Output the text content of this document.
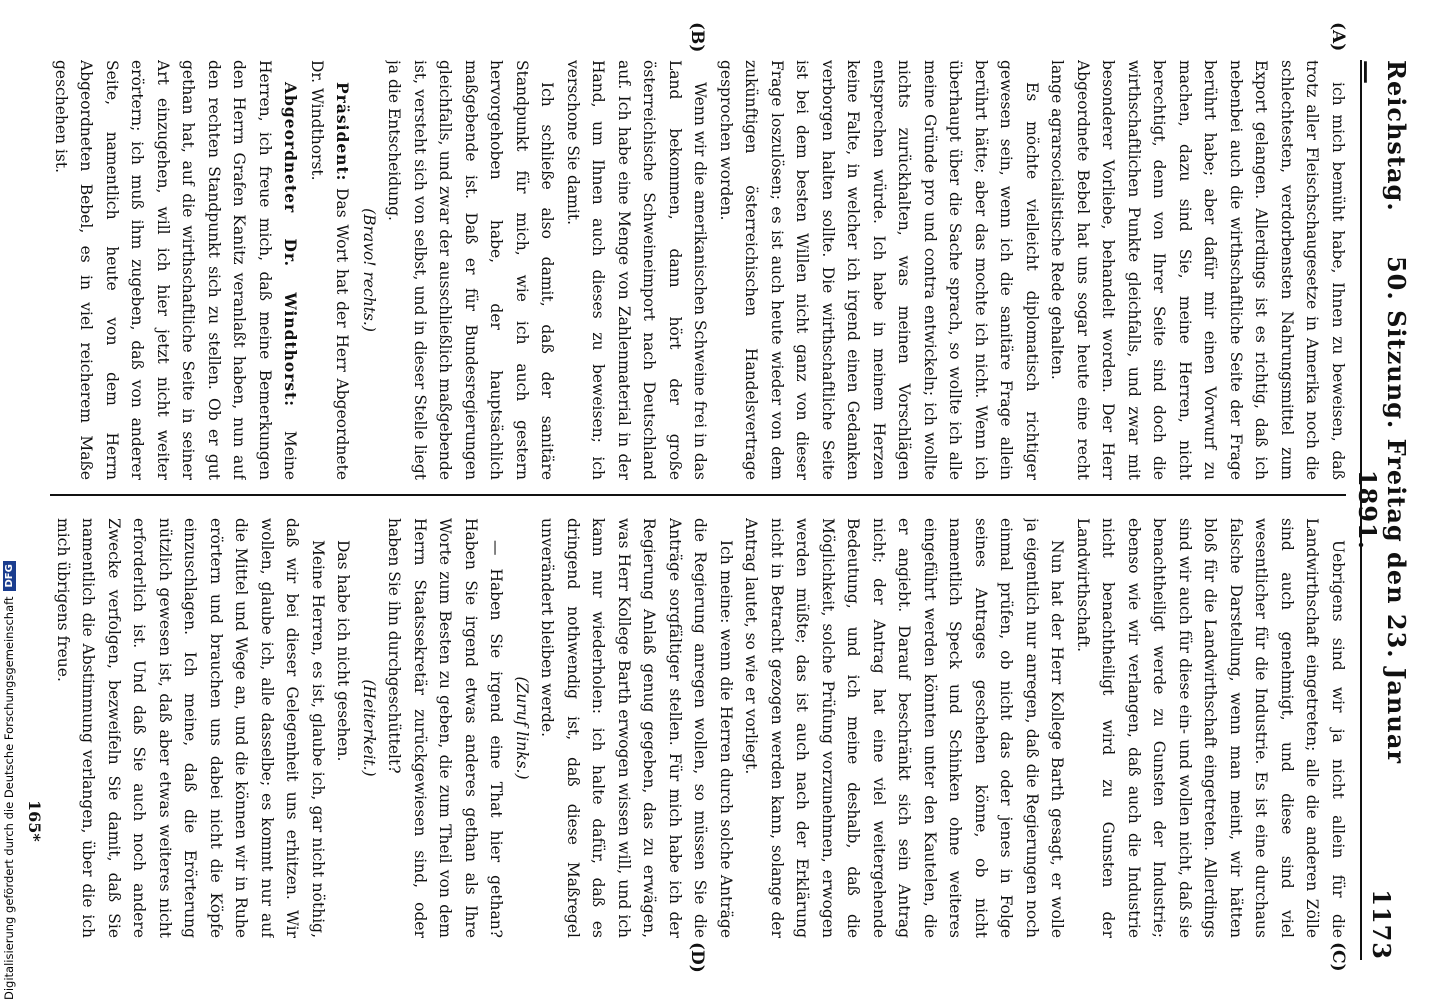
Reichstag. —
50. Sitzung. Freitag den 23. Januar 1891.
1173
(A)
(B)
(C)
(D)

ich mich bemüht habe, Ihnen zu beweisen, daß trotz aller Fleischschaugesetze in Amerika noch die schlechtesten, verdorbensten Nahrungsmittel zum Export gelangen. Allerdings ist es richtig, daß ich nebenbei auch die wirthschaftliche Seite der Frage berührt habe; aber dafür mir einen Vorwurf zu machen, dazu sind Sie, meine Herren, nicht berechtigt, denn von Ihrer Seite sind doch die wirthschaftlichen Punkte gleichfalls, und zwar mit besonderer Vorliebe, behandelt worden. Der Herr Abgeordnete Bebel hat uns sogar heute eine recht lange agrarsocialistische Rede gehalten.

Es möchte vielleicht diplomatisch richtiger gewesen sein, wenn ich die sanitäre Frage allein berührt hätte; aber das mochte ich nicht. Wenn ich überhaupt über die Sache sprach, so wollte ich alle meine Gründe pro und contra entwickeln; ich wollte nichts zurückhalten, was meinen Vorschlägen entsprechen würde. Ich habe in meinem Herzen keine Falte, in welcher ich irgend einen Gedanken verborgen halten sollte. Die wirthschaftliche Seite ist bei dem besten Willen nicht ganz von dieser Frage loszulösen; es ist auch heute wieder von dem zukünftigen österreichischen Handelsvertrage gesprochen worden.

Wenn wir die amerikanischen Schweine frei in das Land bekommen, dann hört der große österreichische Schweineimport nach Deutschland auf. Ich habe eine Menge von Zahlenmaterial in der Hand, um Ihnen auch dieses zu beweisen; ich verschone Sie damit.

Ich schließe also damit, daß der sanitäre Standpunkt für mich, wie ich auch gestern hervorgehoben habe, der hauptsächlich maßgebende ist. Daß er für Bundesregierungen gleichfalls, und zwar der ausschließlich maßgebende ist, versteht sich von selbst, und in dieser Stelle liegt ja die Entscheidung.

(Bravo! rechts.)

Präsident: Das Wort hat der Herr Abgeordnete Dr. Windthorst.

Abgeordneter Dr. Windthorst: Meine Herren, ich freue mich, daß meine Bemerkungen den Herrn Grafen Kanitz veranlaßt haben, nun auf den rechten Standpunkt sich zu stellen. Ob er gut gethan hat, auf die wirthschaftliche Seite in seiner Art einzugehen, will ich hier jetzt nicht weiter erörtern; ich muß ihm zugeben, daß von anderer Seite, namentlich heute von dem Herrn Abgeordneten Bebel, es in viel reicherem Maße geschehen ist.

Uebrigens sind wir ja nicht allein für die Landwirthschaft eingetreten; alle die anderen Zölle sind auch genehmigt, und diese sind viel wesentlicher für die Industrie. Es ist eine durchaus falsche Darstellung, wenn man meint, wir hätten bloß für die Landwirthschaft eingetreten. Allerdings sind wir auch für diese ein- und wollen nicht, daß sie benachtheiligt werde zu Gunsten der Industrie; ebenso wie wir verlangen, daß auch die Industrie nicht benachtheiligt wird zu Gunsten der Landwirthschaft.

Nun hat der Herr Kollege Barth gesagt, er wolle ja eigentlich nur anregen, daß die Regierungen noch einmal prüfen, ob nicht das oder jenes in Folge seines Antrages geschehen könne, ob nicht namentlich Speck und Schinken ohne weiteres eingeführt werden könnten unter den Kautelen, die er angiebt. Darauf beschränkt sich sein Antrag nicht; der Antrag hat eine viel weitergehende Bedeutung, und ich meine deshalb, daß die Möglichkeit, solche Prüfung vorzunehmen, erwogen werden müßte; das ist auch nach der Erklärung nicht in Betracht gezogen werden kann, solange der Antrag lautet, so wie er vorliegt.

Ich meine: wenn die Herren durch solche Anträge die Regierung anregen wollen, so müssen Sie die Anträge sorgfältiger stellen. Für mich habe ich der Regierung Anlaß genug gegeben, das zu erwägen, was Herr Kollege Barth erwogen wissen will, und ich kann nur wiederholen: ich halte dafür, daß es dringend nothwendig ist, daß diese Maßregel unverändert bleiben werde.

(Zuruf links.)

— Haben Sie irgend eine That hier gethan? Haben Sie irgend etwas anderes gethan als Ihre Worte zum Besten zu geben, die zum Theil von dem Herrn Staatssekretär zurückgewiesen sind, oder haben Sie ihn durchgeschüttelt?

(Heiterkeit.)

Das habe ich nicht gesehen.

Meine Herren, es ist, glaube ich, gar nicht nöthig, daß wir bei dieser Gelegenheit uns erhitzen. Wir wollen, glaube ich, alle dasselbe; es kommt nur auf die Mittel und Wege an, und die können wir in Ruhe erörtern und brauchen uns dabei nicht die Köpfe einzuschlagen. Ich meine, daß die Erörterung nützlich gewesen ist, daß aber etwas weiteres nicht erforderlich ist. Und daß Sie auch noch andere Zwecke verfolgen, bezweifeln Sie damit, daß Sie namentlich die Abstimmung verlangen, über die ich mich übrigens freue.

165*
Digitalisierung gefördert durch die Deutsche Forschungsgemeinschaft
DFG
